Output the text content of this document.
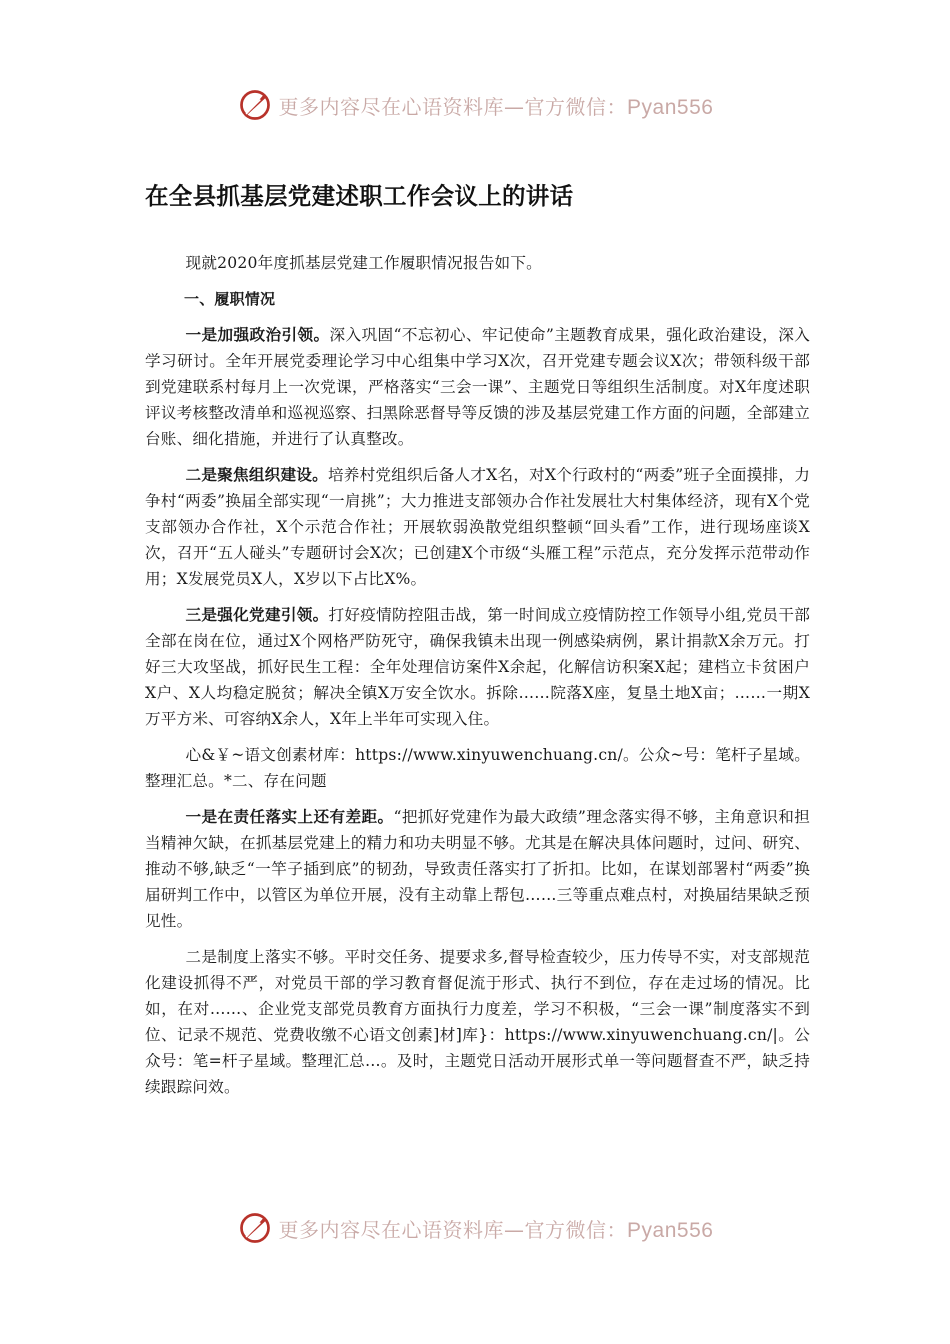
更多内容尽在心语资料库—官方微信：Pyan556
在全县抓基层党建述职工作会议上的讲话

现就2020年度抓基层党建工作履职情况报告如下。

一、履职情况

一是加强政治引领。深入巩固“不忘初心、牢记使命”主题教育成果，强化政治建设，深入学习研讨。全年开展党委理论学习中心组集中学习X次，召开党建专题会议X次；带领科级干部到党建联系村每月上一次党课，严格落实“三会一课”、主题党日等组织生活制度。对X年度述职评议考核整改清单和巡视巡察、扫黑除恶督导等反馈的涉及基层党建工作方面的问题，全部建立台账、细化措施，并进行了认真整改。

二是聚焦组织建设。培养村党组织后备人才X名，对X个行政村的“两委”班子全面摸排，力争村“两委”换届全部实现“一肩挑”；大力推进支部领办合作社发展壮大村集体经济，现有X个党支部领办合作社，X个示范合作社；开展软弱涣散党组织整顿“回头看”工作，进行现场座谈X次，召开“五人碰头”专题研讨会X次；已创建X个市级“头雁工程”示范点，充分发挥示范带动作用；X发展党员X人，X岁以下占比X%。

三是强化党建引领。打好疫情防控阻击战，第一时间成立疫情防控工作领导小组,党员干部全部在岗在位，通过X个网格严防死守，确保我镇未出现一例感染病例，累计捐款X余万元。打好三大攻坚战，抓好民生工程：全年处理信访案件X余起，化解信访积案X起；建档立卡贫困户X户、X人均稳定脱贫；解决全镇X万安全饮水。拆除……院落X座，复垦土地X亩；……一期X万平方米、可容纳X余人，X年上半年可实现入住。

心&￥~语文创素材库：https://www.xinyuwenchuang.cn/。公众~号：笔杆子星域。整理汇总。*二、存在问题

一是在责任落实上还有差距。“把抓好党建作为最大政绩”理念落实得不够，主角意识和担当精神欠缺，在抓基层党建上的精力和功夫明显不够。尤其是在解决具体问题时，过问、研究、推动不够,缺乏“一竿子插到底”的韧劲，导致责任落实打了折扣。比如，在谋划部署村“两委”换届研判工作中，以管区为单位开展，没有主动靠上帮包……三等重点难点村，对换届结果缺乏预见性。

二是制度上落实不够。平时交任务、提要求多,督导检查较少，压力传导不实，对支部规范化建设抓得不严，对党员干部的学习教育督促流于形式、执行不到位，存在走过场的情况。比如，在对……、企业党支部党员教育方面执行力度差，学习不积极，“三会一课”制度落实不到位、记录不规范、党费收缴不心语文创素]材]库}：https://www.xinyuwenchuang.cn/|。公众号：笔=杆子星域。整理汇总…。及时，主题党日活动开展形式单一等问题督查不严，缺乏持续跟踪问效。

更多内容尽在心语资料库—官方微信：Pyan556
